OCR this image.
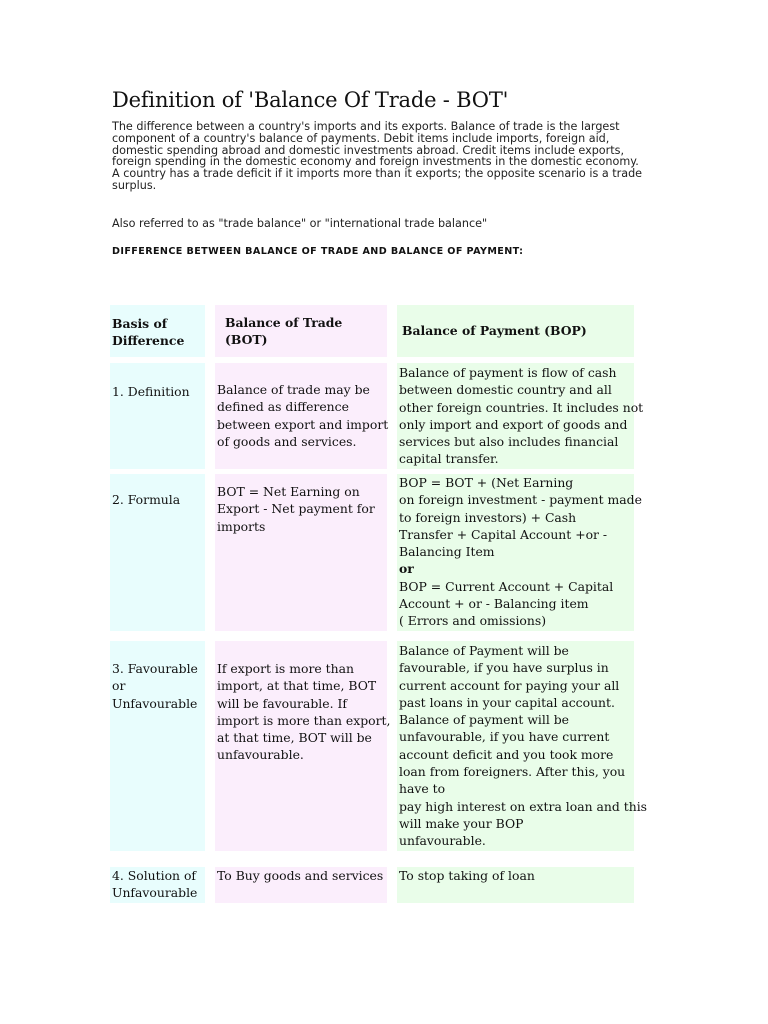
Definition of 'Balance Of Trade - BOT'

The difference between a country's imports and its exports. Balance of trade is the largest
component of a country's balance of payments. Debit items include imports, foreign aid,
domestic spending abroad and domestic investments abroad. Credit items include exports,
foreign spending in the domestic economy and foreign investments in the domestic economy.
A country has a trade deficit if it imports more than it exports; the opposite scenario is a trade
surplus.

Also referred to as "trade balance" or "international trade balance"

DIFFERENCE BETWEEN BALANCE OF TRADE AND BALANCE OF PAYMENT:

Basis of
Difference
Balance of Trade (BOT)
Balance of Payment (BOP)
1. Definition	Balance of trade may be
defined as difference
between export and import
of goods and services.
Balance of payment is flow of cash
between domestic country and all
other foreign countries. It includes not
only import and export of goods and
services but also includes financial
capital transfer.
2. Formula
BOT = Net Earning on
Export - Net payment for
imports
BOP = BOT + (Net Earning
on foreign investment - payment made
to foreign investors) + Cash
Transfer + Capital Account +or -
Balancing Item
or
BOP = Current Account + Capital
Account + or - Balancing item
( Errors and omissions)
3. Favourable
or
Unfavourable
If export is more than
import, at that time, BOT
will be favourable. If
import is more than export,
at that time, BOT will be
unfavourable.
Balance of Payment will be
favourable, if you have surplus in
current account for paying your all
past loans in your capital account.
Balance of payment will be
unfavourable, if you have current
account deficit and you took more
loan from foreigners. After this, you
have to
pay high interest on extra loan and this
will make your BOP
unfavourable.
4. Solution of
Unfavourable
To Buy goods and services To stop taking of loan
